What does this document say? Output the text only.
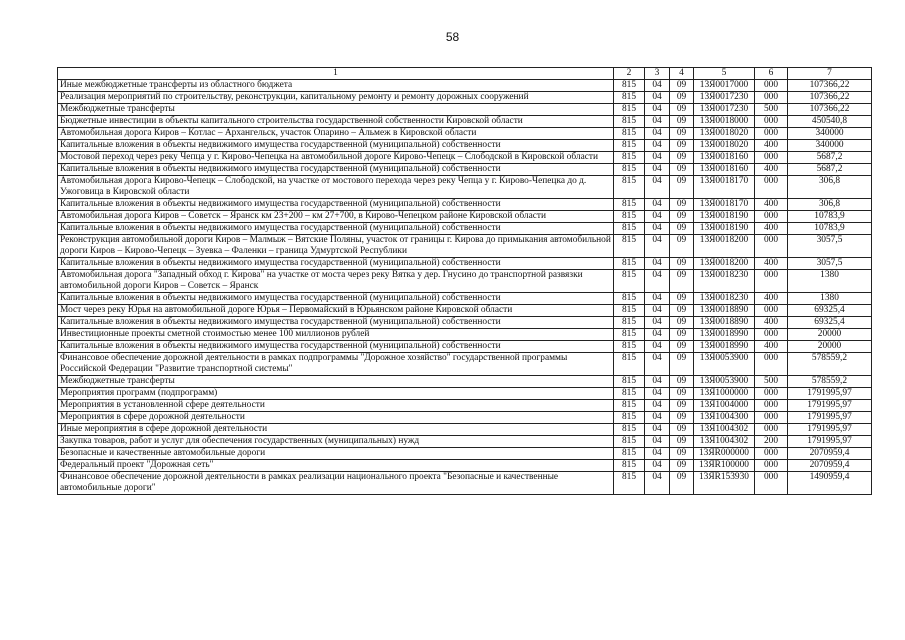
58
1	2	3	4	5	6	7
Иные межбюджетные трансферты из областного бюджета	815	04	09	13Я0017000	000	107366,22
Реализация мероприятий по строительству, реконструкции, капитальному ремонту и ремонту дорожных сооружений	815	04	09	13Я0017230	000	107366,22
Межбюджетные трансферты	815	04	09	13Я0017230	500	107366,22
Бюджетные инвестиции в объекты капитального строительства государственной собственности Кировской области	815	04	09	13Я0018000	000	450540,8
Автомобильная дорога Киров – Котлас – Архангельск, участок Опарино – Альмеж в Кировской области	815	04	09	13Я0018020	000	340000
Капитальные вложения в объекты недвижимого имущества государственной (муниципальной) собственности	815	04	09	13Я0018020	400	340000
Мостовой переход через реку Чепца у г. Кирово-Чепецка на автомобильной дороге Кирово-Чепецк – Слободской в Кировской области	815	04	09	13Я0018160	000	5687,2
Капитальные вложения в объекты недвижимого имущества государственной (муниципальной) собственности	815	04	09	13Я0018160	400	5687,2
Автомобильная дорога Кирово-Чепецк – Слободской, на участке от мостового перехода через реку Чепца у г. Кирово-Чепецка до д. Ужоговица в Кировской области	815	04	09	13Я0018170	000	306,8
Капитальные вложения в объекты недвижимого имущества государственной (муниципальной) собственности	815	04	09	13Я0018170	400	306,8
Автомобильная дорога Киров – Советск – Яранск км 23+200 – км 27+700, в Кирово-Чепецком районе Кировской области	815	04	09	13Я0018190	000	10783,9
Капитальные вложения в объекты недвижимого имущества государственной (муниципальной) собственности	815	04	09	13Я0018190	400	10783,9
Реконструкция автомобильной дороги Киров – Малмыж – Вятские Поляны, участок от границы г. Кирова до примыкания автомобильной дороги Киров – Кирово-Чепецк – Зуевка – Фаленки – граница Удмуртской Республики	815	04	09	13Я0018200	000	3057,5
Капитальные вложения в объекты недвижимого имущества государственной (муниципальной) собственности	815	04	09	13Я0018200	400	3057,5
Автомобильная дорога "Западный обход г. Кирова" на участке от моста через реку Вятка у дер. Гнусино до транспортной развязки автомобильной дороги Киров – Советск – Яранск	815	04	09	13Я0018230	000	1380
Капитальные вложения в объекты недвижимого имущества государственной (муниципальной) собственности	815	04	09	13Я0018230	400	1380
Мост через реку Юрья на автомобильной дороге Юрья – Первомайский в Юрьянском районе Кировской области	815	04	09	13Я0018890	000	69325,4
Капитальные вложения в объекты недвижимого имущества государственной (муниципальной) собственности	815	04	09	13Я0018890	400	69325,4
Инвестиционные проекты сметной стоимостью менее 100 миллионов рублей	815	04	09	13Я0018990	000	20000
Капитальные вложения в объекты недвижимого имущества государственной (муниципальной) собственности	815	04	09	13Я0018990	400	20000
Финансовое обеспечение дорожной деятельности в рамках подпрограммы "Дорожное хозяйство" государственной программы Российской Федерации "Развитие транспортной системы"	815	04	09	13Я0053900	000	578559,2
Межбюджетные трансферты	815	04	09	13Я0053900	500	578559,2
Мероприятия программ (подпрограмм)	815	04	09	13Я1000000	000	1791995,97
Мероприятия в установленной сфере деятельности	815	04	09	13Я1004000	000	1791995,97
Мероприятия в сфере дорожной деятельности	815	04	09	13Я1004300	000	1791995,97
Иные мероприятия в сфере дорожной деятельности	815	04	09	13Я1004302	000	1791995,97
Закупка товаров, работ и услуг для обеспечения государственных (муниципальных) нужд	815	04	09	13Я1004302	200	1791995,97
Безопасные и качественные автомобильные дороги	815	04	09	13ЯR000000	000	2070959,4
Федеральный проект "Дорожная сеть"	815	04	09	13ЯR100000	000	2070959,4
Финансовое обеспечение дорожной деятельности в рамках реализации национального проекта "Безопасные и качественные автомобильные дороги"	815	04	09	13ЯR153930	000	1490959,4
